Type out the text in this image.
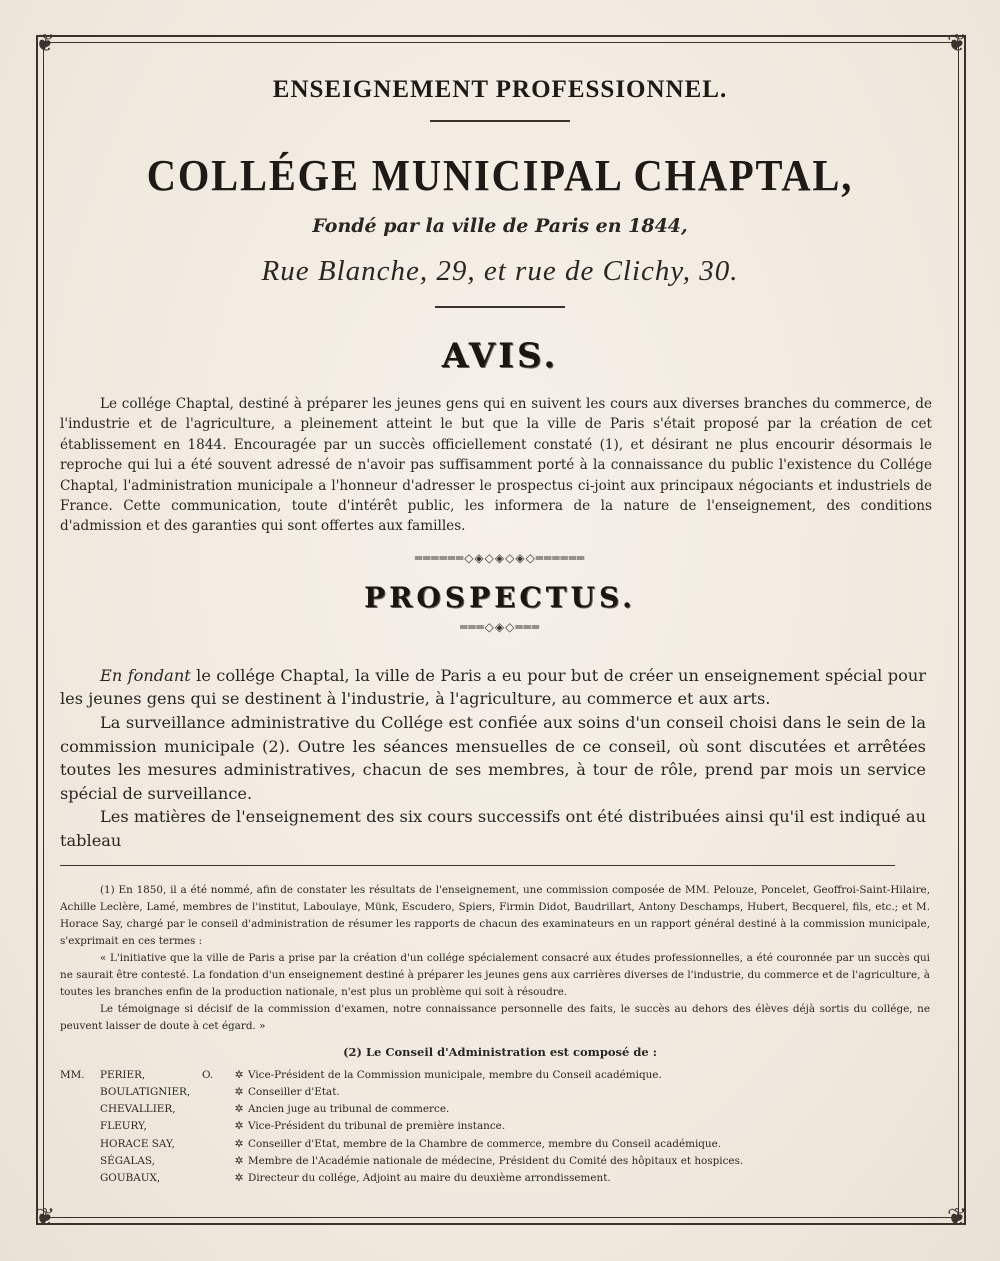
❦	❦
❦	❦
ENSEIGNEMENT PROFESSIONNEL.
COLLÉGE MUNICIPAL CHAPTAL,
Fondé par la ville de Paris en 1844,
Rue Blanche, 29, et rue de Clichy, 30.
AVIS.

Le collége Chaptal, destiné à préparer les jeunes gens qui en suivent les cours aux diverses branches du commerce, de l'industrie et de l'agriculture, a pleinement atteint le but que la ville de Paris s'était proposé par la création de cet établissement en 1844. Encouragée par un succès officiellement constaté (1), et désirant ne plus encourir désormais le reproche qui lui a été souvent adressé de n'avoir pas suffisamment porté à la connaissance du public l'existence du Collége Chaptal, l'administration municipale a l'honneur d'adresser le prospectus ci-joint aux principaux négociants et industriels de France. Cette communication, toute d'intérêt public, les informera de la nature de l'enseignement, des conditions d'admission et des garanties qui sont offertes aux familles.

══════◇◈◇◈◇◈◇══════
PROSPECTUS.
═══◇◈◇═══

En fondant le collége Chaptal, la ville de Paris a eu pour but de créer un enseignement spécial pour les jeunes gens qui se destinent à l'industrie, à l'agriculture, au commerce et aux arts.

La surveillance administrative du Collége est confiée aux soins d'un conseil choisi dans le sein de la commission municipale (2). Outre les séances mensuelles de ce conseil, où sont discutées et arrêtées toutes les mesures administratives, chacun de ses membres, à tour de rôle, prend par mois un service spécial de surveillance.

Les matières de l'enseignement des six cours successifs ont été distribuées ainsi qu'il est indiqué au tableau

(1) En 1850, il a été nommé, afin de constater les résultats de l'enseignement, une commission composée de MM. Pelouze, Poncelet, Geoffroi-Saint-Hilaire, Achille Leclère, Lamé, membres de l'institut, Laboulaye, Münk, Escudero, Spiers, Firmin Didot, Baudrillart, Antony Deschamps, Hubert, Becquerel, fils, etc.; et M. Horace Say, chargé par le conseil d'administration de résumer les rapports de chacun des examinateurs en un rapport général destiné à la commission municipale, s'exprimait en ces termes :

« L'initiative que la ville de Paris a prise par la création d'un collége spécialement consacré aux études professionnelles, a été couronnée par un succès qui ne saurait être contesté. La fondation d'un enseignement destiné à préparer les jeunes gens aux carrières diverses de l'industrie, du commerce et de l'agriculture, à toutes les branches enfin de la production nationale, n'est plus un problème qui soit à résoudre.

Le témoignage si décisif de la commission d'examen, notre connaissance personnelle des faits, le succès au dehors des élèves déjà sortis du collége, ne peuvent laisser de doute à cet égard. »

(2) Le Conseil d'Administration est composé de :
MM.	PERIER,	O.	✲	Vice-Président de la Commission municipale, membre du Conseil académique.
	BOULATIGNIER,		✲	Conseiller d'Etat.
	CHEVALLIER,		✲	Ancien juge au tribunal de commerce.
	FLEURY,		✲	Vice-Président du tribunal de première instance.
	HORACE SAY,		✲	Conseiller d'Etat, membre de la Chambre de commerce, membre du Conseil académique.
	SÉGALAS,		✲	Membre de l'Académie nationale de médecine, Président du Comité des hôpitaux et hospices.
	GOUBAUX,		✲	Directeur du collége, Adjoint au maire du deuxième arrondissement.
